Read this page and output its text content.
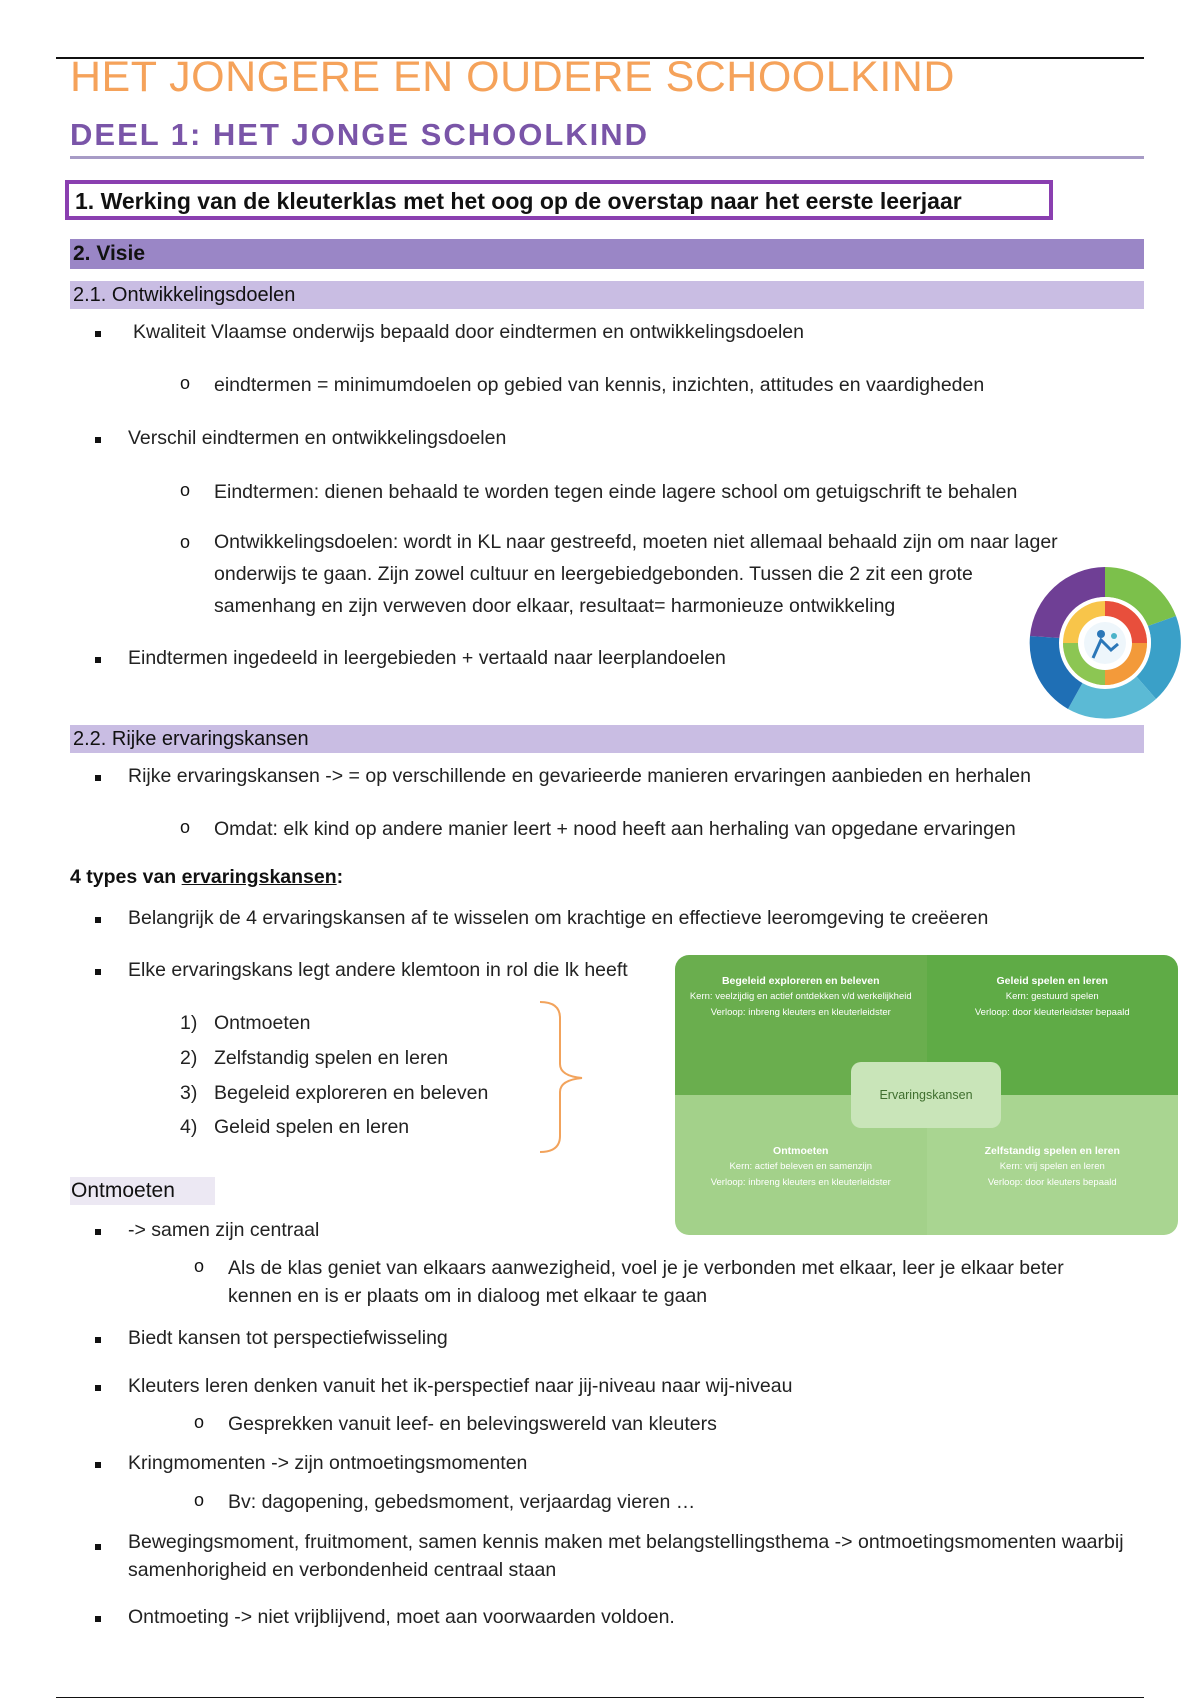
HET JONGERE EN OUDERE SCHOOLKIND
DEEL 1: HET JONGE SCHOOLKIND
1. Werking van de kleuterklas met het oog op de overstap naar het eerste leerjaar
2. Visie
2.1. Ontwikkelingsdoelen
Kwaliteit Vlaamse onderwijs bepaald door eindtermen en ontwikkelingsdoelen
o eindtermen = minimumdoelen op gebied van kennis, inzichten, attitudes en vaardigheden
Verschil eindtermen en ontwikkelingsdoelen
o Eindtermen: dienen behaald te worden tegen einde lagere school om getuigschrift te behalen
o Ontwikkelingsdoelen: wordt in KL naar gestreefd, moeten niet allemaal behaald zijn om naar lager onderwijs te gaan. Zijn zowel cultuur en leergebiedgebonden. Tussen die 2 zit een grote samenhang en zijn verweven door elkaar, resultaat= harmonieuze ontwikkeling
Eindtermen ingedeeld in leergebieden + vertaald naar leerplandoelen
2.2. Rijke ervaringskansen
Rijke ervaringskansen -> = op verschillende en gevarieerde manieren ervaringen aanbieden en herhalen
o Omdat: elk kind op andere manier leert + nood heeft aan herhaling van opgedane ervaringen
4 types van ervaringskansen:
Belangrijk de 4 ervaringskansen af te wisselen om krachtige en effectieve leeromgeving te creëeren
Elke ervaringskans legt andere klemtoon in rol die lk heeft
1) Ontmoeten
2) Zelfstandig spelen en leren
3) Begeleid exploreren en beleven
4) Geleid spelen en leren
Begeleid exploreren en beleven
Kern: veelzijdig en actief ontdekken v/d werkelijkheid
Verloop: inbreng kleuters en kleuterleidster
Geleid spelen en leren
Kern: gestuurd spelen
Verloop: door kleuterleidster bepaald
Ontmoeten
Kern: actief beleven en samenzijn
Verloop: inbreng kleuters en kleuterleidster
Zelfstandig spelen en leren
Kern: vrij spelen en leren
Verloop: door kleuters bepaald
Ervaringskansen
Ontmoeten
-> samen zijn centraal
o Als de klas geniet van elkaars aanwezigheid, voel je je verbonden met elkaar, leer je elkaar beter kennen en is er plaats om in dialoog met elkaar te gaan
Biedt kansen tot perspectiefwisseling
Kleuters leren denken vanuit het ik-perspectief naar jij-niveau naar wij-niveau
o Gesprekken vanuit leef- en belevingswereld van kleuters
Kringmomenten -> zijn ontmoetingsmomenten
o Bv: dagopening, gebedsmoment, verjaardag vieren …
Bewegingsmoment, fruitmoment, samen kennis maken met belangstellingsthema -> ontmoetingsmomenten waarbij samenhorigheid en verbondenheid centraal staan
Ontmoeting -> niet vrijblijvend, moet aan voorwaarden voldoen.
